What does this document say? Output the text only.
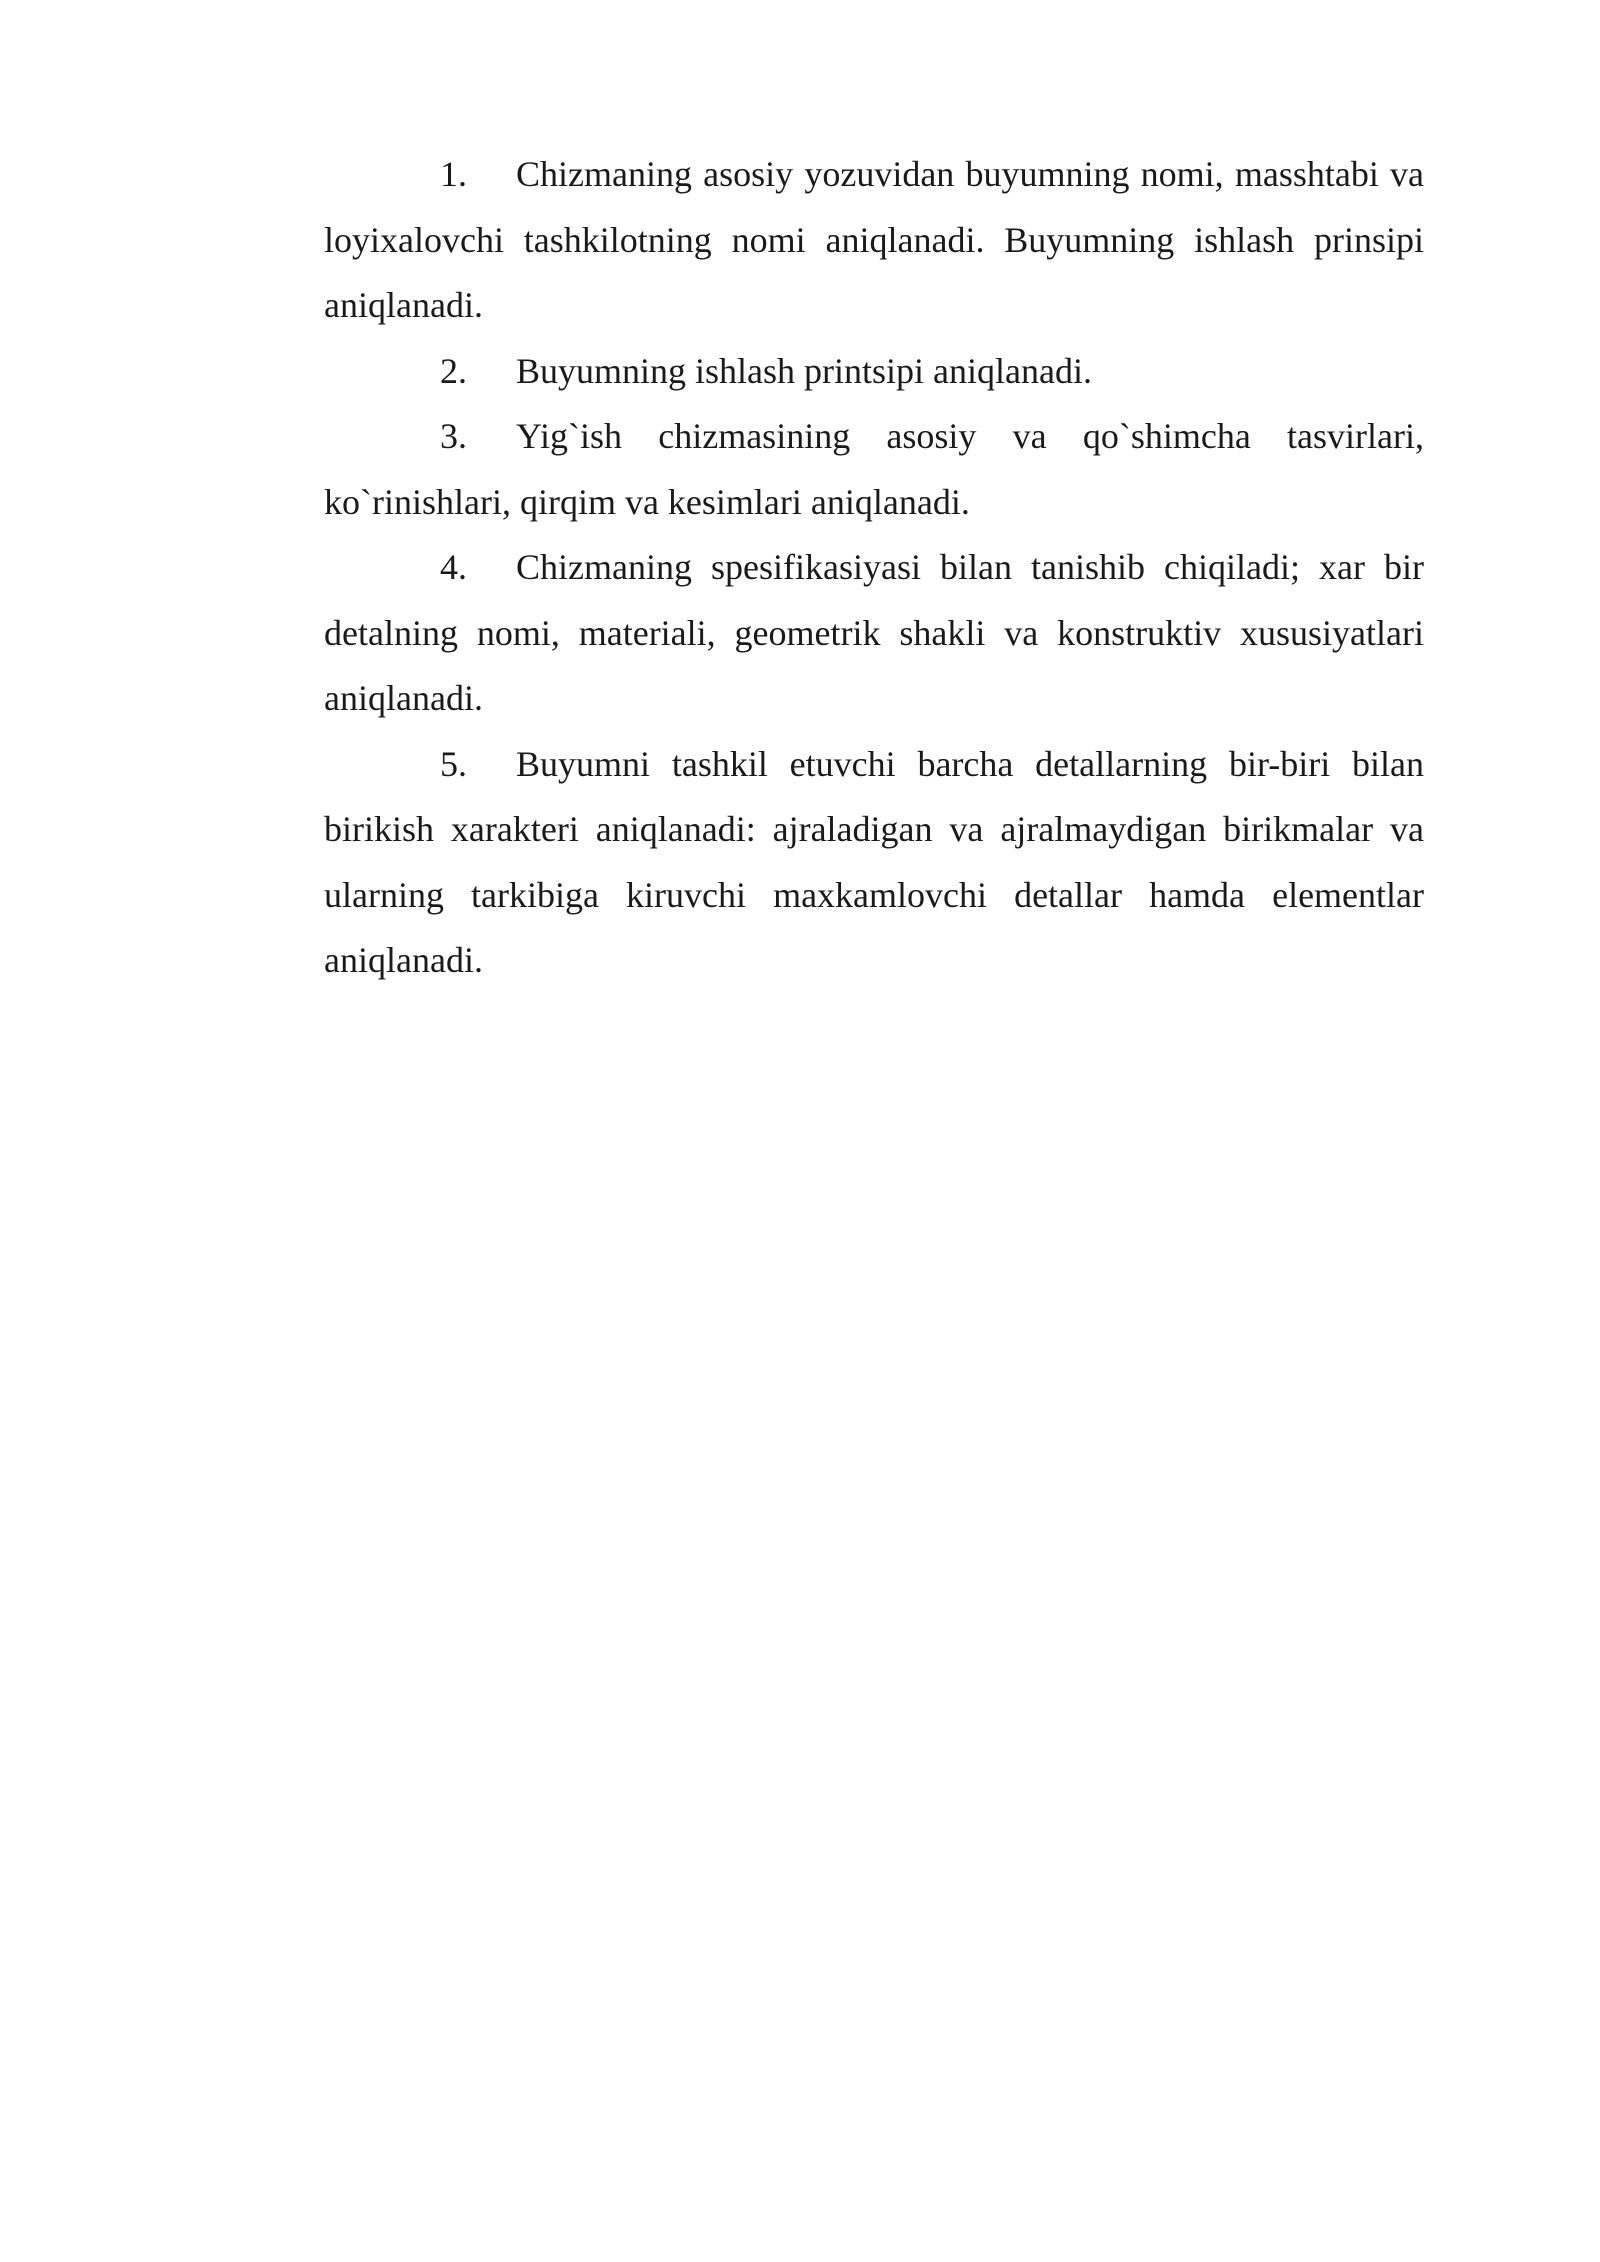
1. Chizmaning asosiy yozuvidan buyumning nomi, masshtabi va loyixalovchi tashkilotning nomi aniqlanadi. Buyumning ishlash prinsipi aniqlanadi.

2. Buyumning ishlash printsipi aniqlanadi.

3. Yig`ish chizmasining asosiy va qo`shimcha tasvirlari, ko`rinishlari, qirqim va kesimlari aniqlanadi.

4. Chizmaning spesifikasiyasi bilan tanishib chiqiladi; xar bir detalning nomi, materiali, geometrik shakli va konstruktiv xususiyatlari aniqlanadi.

5. Buyumni tashkil etuvchi barcha detallarning bir-biri bilan birikish xarakteri aniqlanadi: ajraladigan va ajralmaydigan birikmalar va ularning tarkibiga kiruvchi maxkamlovchi detallar hamda elementlar aniqlanadi.
